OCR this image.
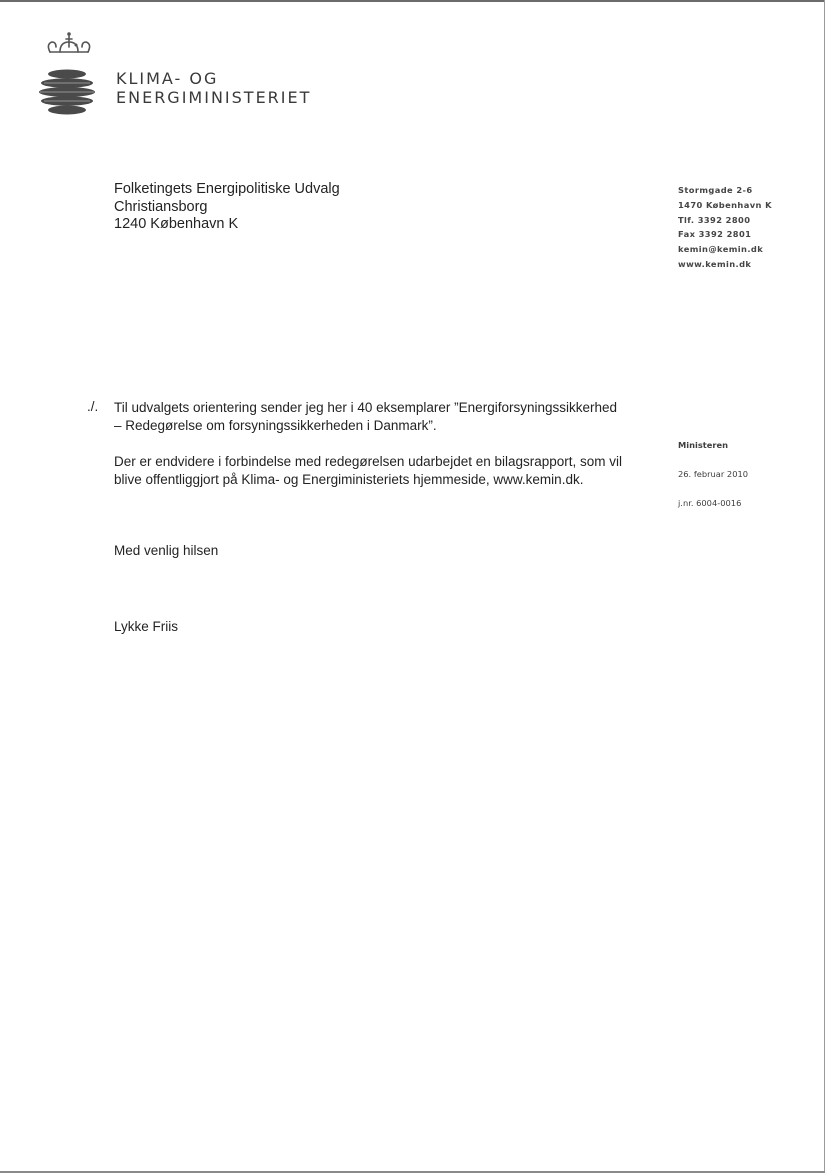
KLIMA- OG
ENERGIMINISTERIET
Folketingets Energipolitiske Udvalg
Christiansborg
1240 København K
Stormgade 2-6
1470 København K
Tlf. 3392 2800
Fax 3392 2801
kemin@kemin.dk
www.kemin.dk
Ministeren
26. februar 2010
j.nr. 6004-0016
./. Til udvalgets orientering sender jeg her i 40 eksemplarer ”Energiforsyningssikkerhed
– Redegørelse om forsyningssikkerheden i Danmark”.
Der er endvidere i forbindelse med redegørelsen udarbejdet en bilagsrapport, som vil
blive offentliggjort på Klima- og Energiministeriets hjemmeside, www.kemin.dk.
Med venlig hilsen
Lykke Friis
